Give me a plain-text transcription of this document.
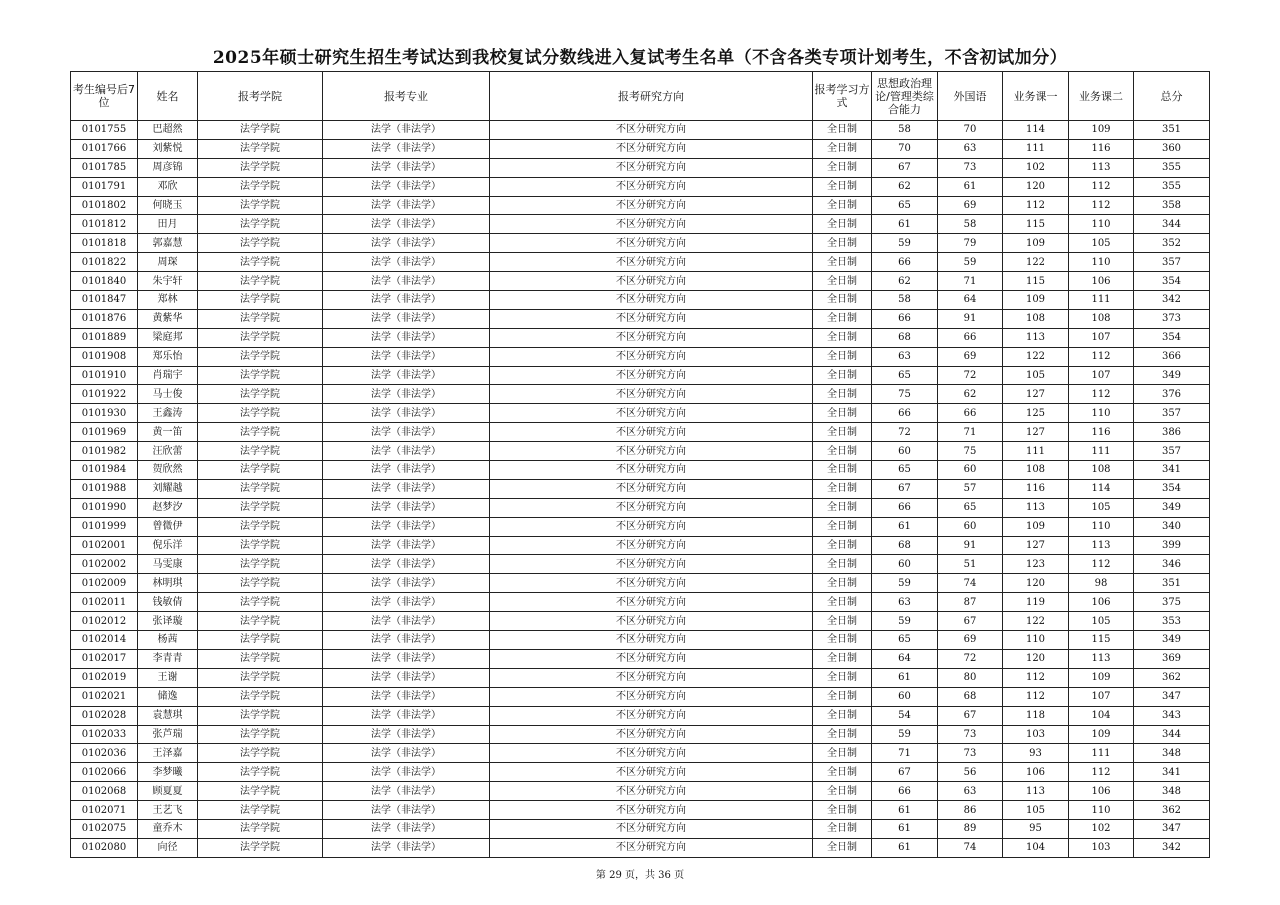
2025年硕士研究生招生考试达到我校复试分数线进入复试考生名单（不含各类专项计划考生，不含初试加分）
考生编号后7位	姓名	报考学院	报考专业	报考研究方向	报考学习方式	思想政治理论/管理类综合能力	外国语	业务课一	业务课二	总分
0101755	巴超然	法学学院	法学（非法学）	不区分研究方向	全日制	58	70	114	109	351
0101766	刘紫悦	法学学院	法学（非法学）	不区分研究方向	全日制	70	63	111	116	360
0101785	周彦锦	法学学院	法学（非法学）	不区分研究方向	全日制	67	73	102	113	355
0101791	邓欣	法学学院	法学（非法学）	不区分研究方向	全日制	62	61	120	112	355
0101802	何晓玉	法学学院	法学（非法学）	不区分研究方向	全日制	65	69	112	112	358
0101812	田月	法学学院	法学（非法学）	不区分研究方向	全日制	61	58	115	110	344
0101818	郭嘉慧	法学学院	法学（非法学）	不区分研究方向	全日制	59	79	109	105	352
0101822	周琛	法学学院	法学（非法学）	不区分研究方向	全日制	66	59	122	110	357
0101840	朱宇轩	法学学院	法学（非法学）	不区分研究方向	全日制	62	71	115	106	354
0101847	郑林	法学学院	法学（非法学）	不区分研究方向	全日制	58	64	109	111	342
0101876	黄紫华	法学学院	法学（非法学）	不区分研究方向	全日制	66	91	108	108	373
0101889	梁庭邦	法学学院	法学（非法学）	不区分研究方向	全日制	68	66	113	107	354
0101908	郑乐怡	法学学院	法学（非法学）	不区分研究方向	全日制	63	69	122	112	366
0101910	肖瑞宇	法学学院	法学（非法学）	不区分研究方向	全日制	65	72	105	107	349
0101922	马士俊	法学学院	法学（非法学）	不区分研究方向	全日制	75	62	127	112	376
0101930	王鑫涛	法学学院	法学（非法学）	不区分研究方向	全日制	66	66	125	110	357
0101969	黄一笛	法学学院	法学（非法学）	不区分研究方向	全日制	72	71	127	116	386
0101982	汪欣蕾	法学学院	法学（非法学）	不区分研究方向	全日制	60	75	111	111	357
0101984	贺欣然	法学学院	法学（非法学）	不区分研究方向	全日制	65	60	108	108	341
0101988	刘耀越	法学学院	法学（非法学）	不区分研究方向	全日制	67	57	116	114	354
0101990	赵梦汐	法学学院	法学（非法学）	不区分研究方向	全日制	66	65	113	105	349
0101999	曾微伊	法学学院	法学（非法学）	不区分研究方向	全日制	61	60	109	110	340
0102001	倪乐洋	法学学院	法学（非法学）	不区分研究方向	全日制	68	91	127	113	399
0102002	马雯康	法学学院	法学（非法学）	不区分研究方向	全日制	60	51	123	112	346
0102009	林明琪	法学学院	法学（非法学）	不区分研究方向	全日制	59	74	120	98	351
0102011	钱敏倩	法学学院	法学（非法学）	不区分研究方向	全日制	63	87	119	106	375
0102012	张译璇	法学学院	法学（非法学）	不区分研究方向	全日制	59	67	122	105	353
0102014	杨茜	法学学院	法学（非法学）	不区分研究方向	全日制	65	69	110	115	349
0102017	李青青	法学学院	法学（非法学）	不区分研究方向	全日制	64	72	120	113	369
0102019	王谢	法学学院	法学（非法学）	不区分研究方向	全日制	61	80	112	109	362
0102021	储逸	法学学院	法学（非法学）	不区分研究方向	全日制	60	68	112	107	347
0102028	袁慧琪	法学学院	法学（非法学）	不区分研究方向	全日制	54	67	118	104	343
0102033	张芦瑞	法学学院	法学（非法学）	不区分研究方向	全日制	59	73	103	109	344
0102036	王泽嘉	法学学院	法学（非法学）	不区分研究方向	全日制	71	73	93	111	348
0102066	李梦曦	法学学院	法学（非法学）	不区分研究方向	全日制	67	56	106	112	341
0102068	顾夏夏	法学学院	法学（非法学）	不区分研究方向	全日制	66	63	113	106	348
0102071	王艺飞	法学学院	法学（非法学）	不区分研究方向	全日制	61	86	105	110	362
0102075	童乔木	法学学院	法学（非法学）	不区分研究方向	全日制	61	89	95	102	347
0102080	向径	法学学院	法学（非法学）	不区分研究方向	全日制	61	74	104	103	342
第 29 页，共 36 页
